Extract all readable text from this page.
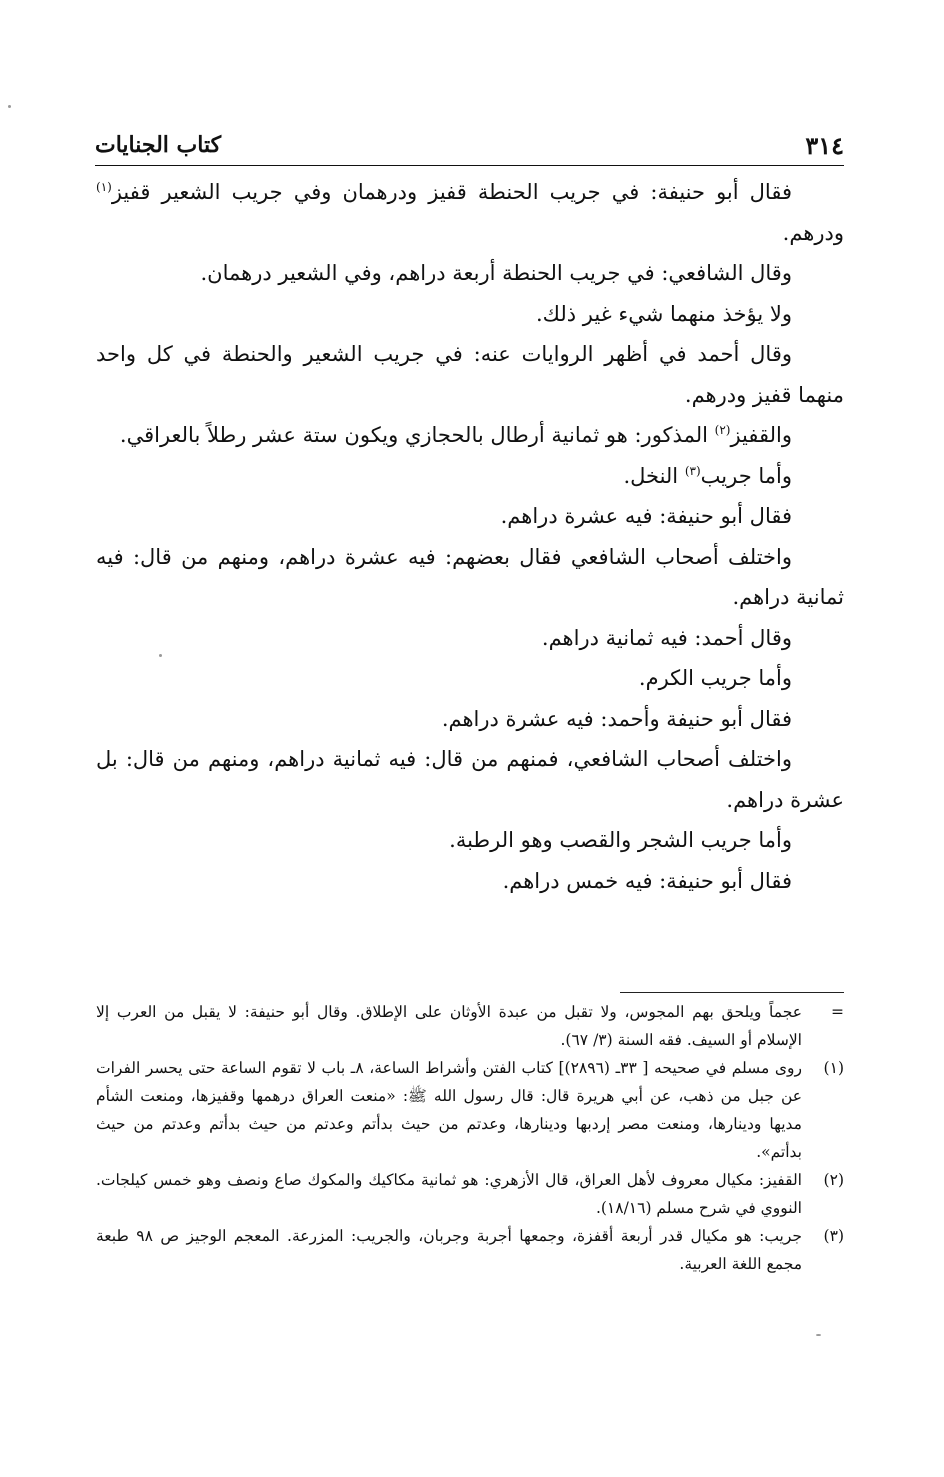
٣١٤
كتاب الجنايات

فقال أبو حنيفة: في جريب الحنطة قفيز ودرهمان وفي جريب الشعير قفيز$^{(١)}$ ودرهم.

وقال الشافعي: في جريب الحنطة أربعة دراهم، وفي الشعير درهمان.

ولا يؤخذ منهما شيء غير ذلك.

وقال أحمد في أظهر الروايات عنه: في جريب الشعير والحنطة في كل واحد منهما قفيز ودرهم.

والقفيز$^{(٢)}$ المذكور: هو ثمانية أرطال بالحجازي ويكون ستة عشر رطلاً بالعراقي.

وأما جريب$^{(٣)}$ النخل.

فقال أبو حنيفة: فيه عشرة دراهم.

واختلف أصحاب الشافعي فقال بعضهم: فيه عشرة دراهم، ومنهم من قال: فيه ثمانية دراهم.

وقال أحمد: فيه ثمانية دراهم.

وأما جريب الكرم.

فقال أبو حنيفة وأحمد: فيه عشرة دراهم.

واختلف أصحاب الشافعي، فمنهم من قال: فيه ثمانية دراهم، ومنهم من قال: بل عشرة دراهم.

وأما جريب الشجر والقصب وهو الرطبة.

فقال أبو حنيفة: فيه خمس دراهم.

=

عجماً ويلحق بهم المجوس، ولا تقبل من عبدة الأوثان على الإطلاق. وقال أبو حنيفة: لا يقبل من العرب إلا الإسلام أو السيف. فقه السنة (٣/ ٦٧).

(١)

روى مسلم في صحيحه [ ٣٣ـ (٢٨٩٦)] كتاب الفتن وأشراط الساعة، ٨ـ باب لا تقوم الساعة حتى يحسر الفرات عن جبل من ذهب، عن أبي هريرة قال: قال رسول الله ﷺ: «منعت العراق درهمها وقفيزها، ومنعت الشأم مديها ودينارها، ومنعت مصر إردبها ودينارها، وعدتم من حيث بدأتم وعدتم من حيث بدأتم وعدتم من حيث بدأتم».

(٢)

القفيز: مكيال معروف لأهل العراق، قال الأزهري: هو ثمانية مكاكيك والمكوك صاع ونصف وهو خمس كيلجات. النووي في شرح مسلم (١٨/١٦).

(٣)

جريب: هو مكيال قدر أربعة أقفزة، وجمعها أجربة وجربان، والجريب: المزرعة. المعجم الوجيز ص ٩٨ طبعة مجمع اللغة العربية.
